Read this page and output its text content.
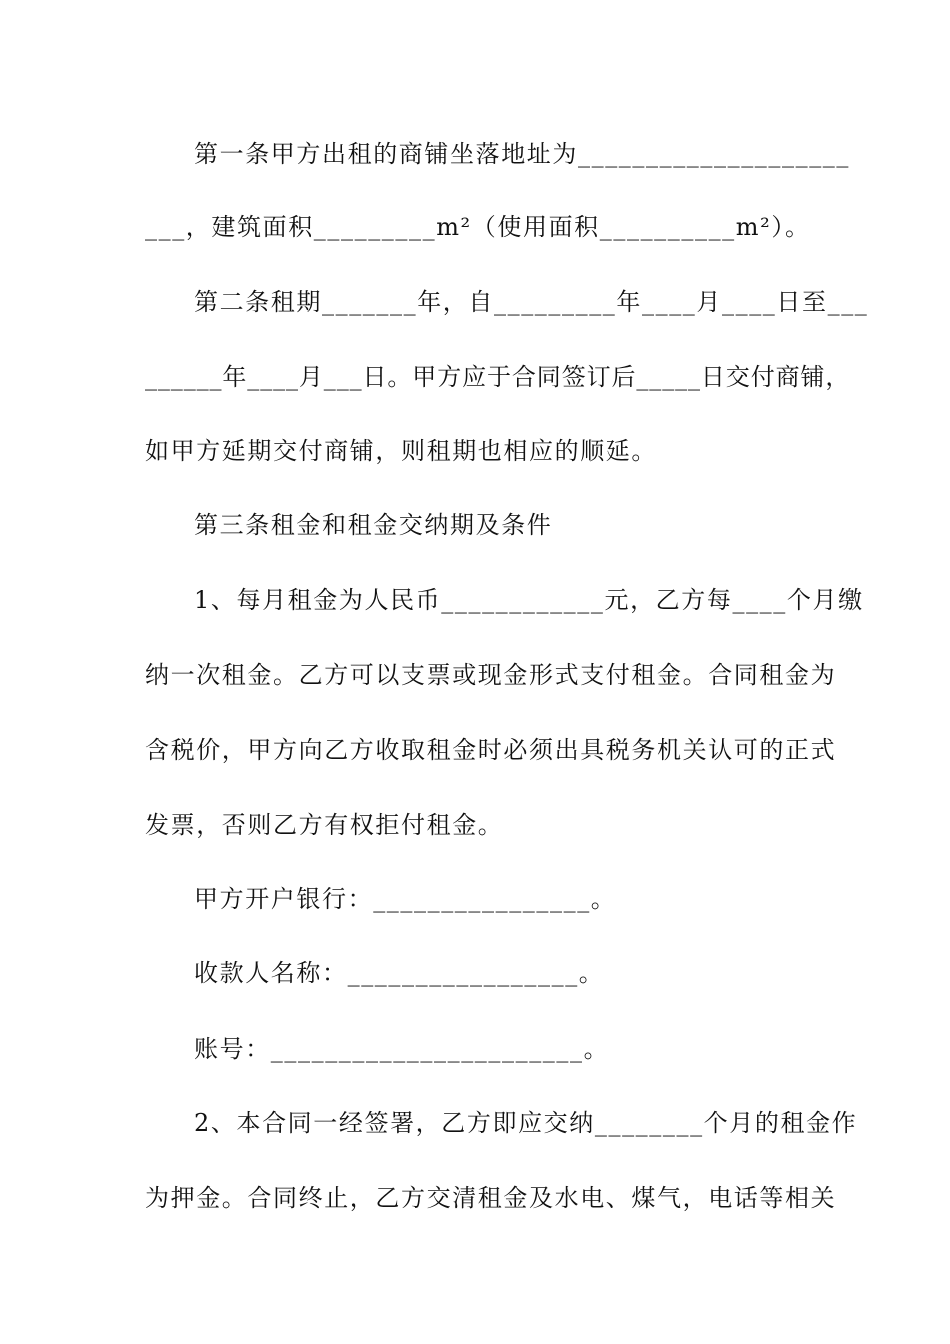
第一条甲方出租的商铺坐落地址为____________________
___，建筑面积_________m²（使用面积__________m²）。
第二条租期_______年，自_________年____月____日至___
______年____月___日。甲方应于合同签订后_____日交付商铺，
如甲方延期交付商铺，则租期也相应的顺延。
第三条租金和租金交纳期及条件
1、每月租金为人民币____________元，乙方每____个月缴
纳一次租金。乙方可以支票或现金形式支付租金。合同租金为
含税价，甲方向乙方收取租金时必须出具税务机关认可的正式
发票，否则乙方有权拒付租金。
甲方开户银行：________________。
收款人名称：_________________。
账号：_______________________。
2、本合同一经签署，乙方即应交纳________个月的租金作
为押金。合同终止，乙方交清租金及水电、煤气，电话等相关
